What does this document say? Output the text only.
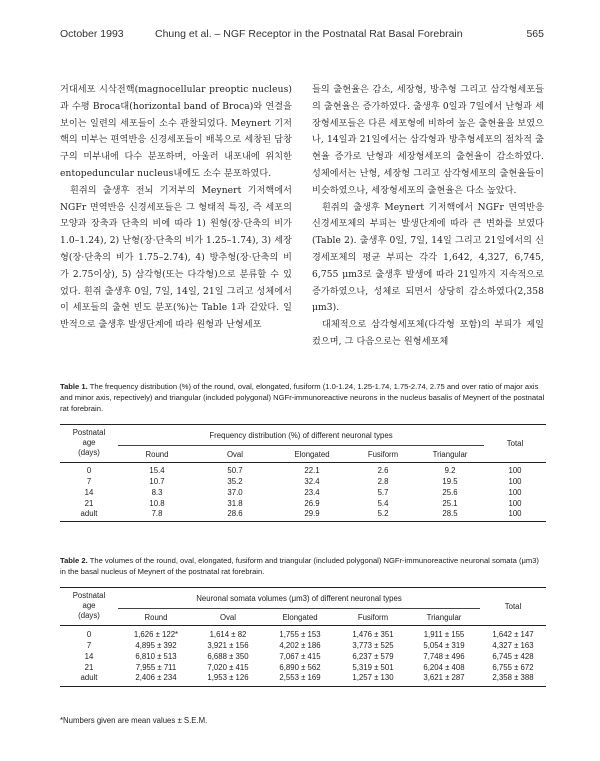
October 1993	Chung et al. – NGF Receptor in the Postnatal Rat Basal Forebrain	565

거대세포 시삭전핵(magnocellular preoptic nucleus)과 수평 Broca대(horizontal band of Broca)와 연결을 보이는 일련의 세포들이 소수 관찰되었다. Meynert 기저핵의 미부는 편역반응 신경세포들이 배복으로 세창된 담창구의 미부내에 다수 분포하며, 아울러 내포내에 위치한 entopeduncular nucleus내에도 소수 분포하였다.

흰쥐의 출생후 전뇌 기저부의 Meynert 기저핵에서 NGFr 면역반응 신경세포들은 그 형태적 특징, 즉 세포의 모양과 장축과 단축의 비에 따라 1) 원형(장·단축의 비가 1.0–1.24), 2) 난형(장·단축의 비가 1.25–1.74), 3) 세장형(장·단축의 비가 1.75–2.74), 4) 방추형(장·단축의 비가 2.75이상), 5) 삼각형(또는 다각형)으로 분류할 수 있었다. 흰쥐 출생후 0일, 7일, 14일, 21일 그리고 성체에서 이 세포들의 출현 빈도 분포(%)는 Table 1과 같았다. 일반적으로 출생후 발생단계에 따라 원형과 난형세포

들의 출현율은 감소, 세장형, 방추형 그리고 삼각형세포들의 출현율은 증가하였다. 출생후 0일과 7일에서 난형과 세장형세포들은 다른 세포형에 비하여 높은 출현율을 보였으나, 14일과 21일에서는 삼각형과 방추형세포의 점차적 출현율 증가로 난형과 세장형세포의 출현율이 감소하였다. 성체에서는 난형, 세장형 그리고 삼각형세포의 출현율들이 비슷하였으나, 세장형세포의 출현율은 다소 높았다.

흰쥐의 출생후 Meynert 기저핵에서 NGFr 면역반응 신경세포체의 부피는 발생단계에 따라 큰 변화를 보였다(Table 2). 출생후 0일, 7일, 14일 그리고 21일에서의 신경세포체의 평균 부피는 각각 1,642, 4,327, 6,745, 6,755 μm3로 출생후 발생에 따라 21일까지 지속적으로 증가하였으나, 성체로 되면서 상당히 감소하였다(2,358 μm3).

대체적으로 삼각형세포체(다각형 포함)의 부피가 제일 컸으며, 그 다음으로는 원형세포체

Table 1. The frequency distribution (%) of the round, oval, elongated, fusiform (1.0-1.24, 1.25-1.74, 1.75-2.74, 2.75 and over ratio of major axis and minor axis, repectively) and triangular (included polygonal) NGFr-immunoreactive neurons in the nucleus basalis of Meynert of the postnatal rat forebrain.
Postnatal
age
(days)	Frequency distribution (%) of different neuronal types					Total
	Round	Oval	Elongated	Fusiform	Triangular	
0	15.4	50.7	22.1	2.6	9.2	100
7	10.7	35.2	32.4	2.8	19.5	100
14	8.3	37.0	23.4	5.7	25.6	100
21	10.8	31.8	26.9	5.4	25.1	100
adult	7.8	28.6	29.9	5.2	28.5	100
Table 2. The volumes of the round, oval, elongated, fusiform and triangular (included polygonal) NGFr-immunoreactive neuronal somata (μm3) in the basal nucleus of Meynert of the postnatal rat forebrain.
Postnatal
age
(days)	Neuronal somata volumes (μm3) of different neuronal types					Total
	Round	Oval	Elongated	Fusiform	Triangular	
0	1,626 ± 122*	1,614 ± 82	1,755 ± 153	1,476 ± 351	1,911 ± 155	1,642 ± 147
7	4,895 ± 392	3,921 ± 156	4,202 ± 186	3,773 ± 525	5,054 ± 319	4,327 ± 163
14	6,810 ± 513	6,688 ± 350	7,067 ± 415	6,237 ± 579	7,748 ± 496	6,745 ± 428
21	7,955 ± 711	7,020 ± 415	6,890 ± 562	5,319 ± 501	6,204 ± 408	6,755 ± 672
adult	2,406 ± 234	1,953 ± 126	2,553 ± 169	1,257 ± 130	3,621 ± 287	2,358 ± 388
*Numbers given are mean values ± S.E.M.
